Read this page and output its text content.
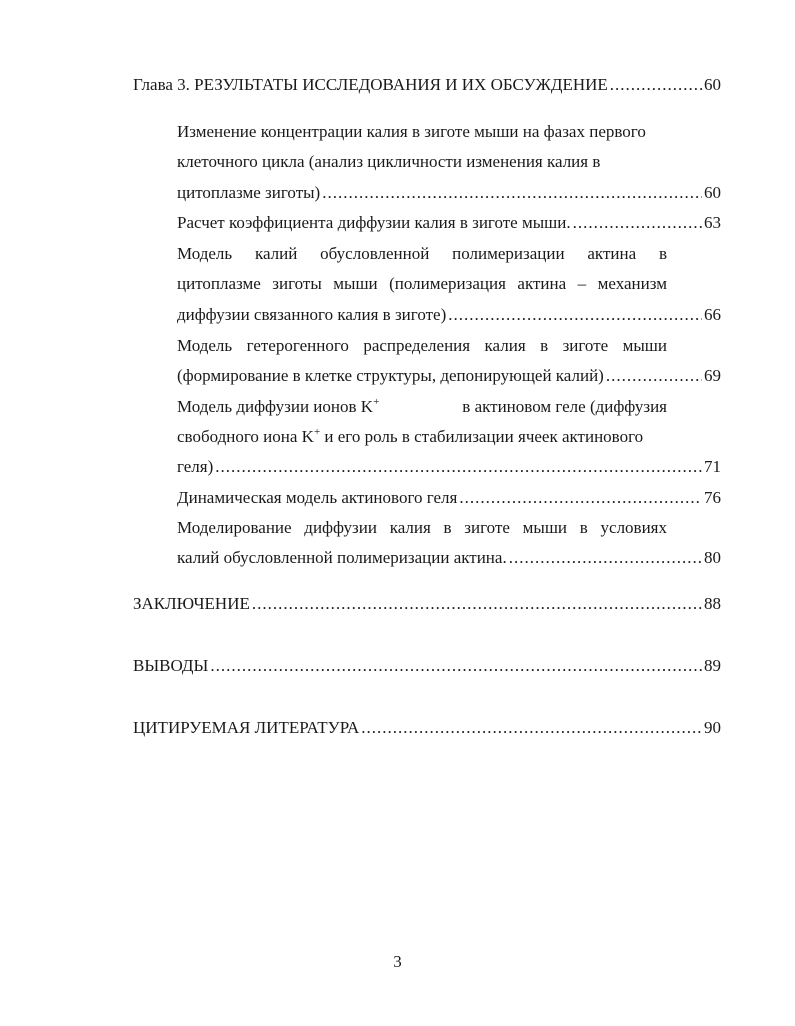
Глава 3. РЕЗУЛЬТАТЫ ИССЛЕДОВАНИЯ И ИХ ОБСУЖДЕНИЕ .....	60
Изменение концентрации калия в зиготе мыши на фазах первого
клеточного цикла (анализ цикличности изменения калия в
цитоплазме зиготы) .....	60
Расчет коэффициента диффузии калия в зиготе мыши. .....	63
Модель калий обусловленной полимеризации актина в
цитоплазме зиготы мыши (полимеризация актина – механизм
диффузии связанного калия в зиготе) .....	66
Модель гетерогенного распределения калия в зиготе мыши
(формирование в клетке структуры, депонирующей калий) .....	69
Модель диффузии ионов K+	в актиновом геле (диффузия
свободного иона K+ и его роль в стабилизации ячеек актинового
геля) .....	71
Динамическая модель актинового геля .....	76
Моделирование диффузии калия в зиготе мыши в условиях
калий обусловленной полимеризации актина. .....	80
ЗАКЛЮЧЕНИЕ .....	88
ВЫВОДЫ .....	89
ЦИТИРУЕМАЯ ЛИТЕРАТУРА .....	90
3
